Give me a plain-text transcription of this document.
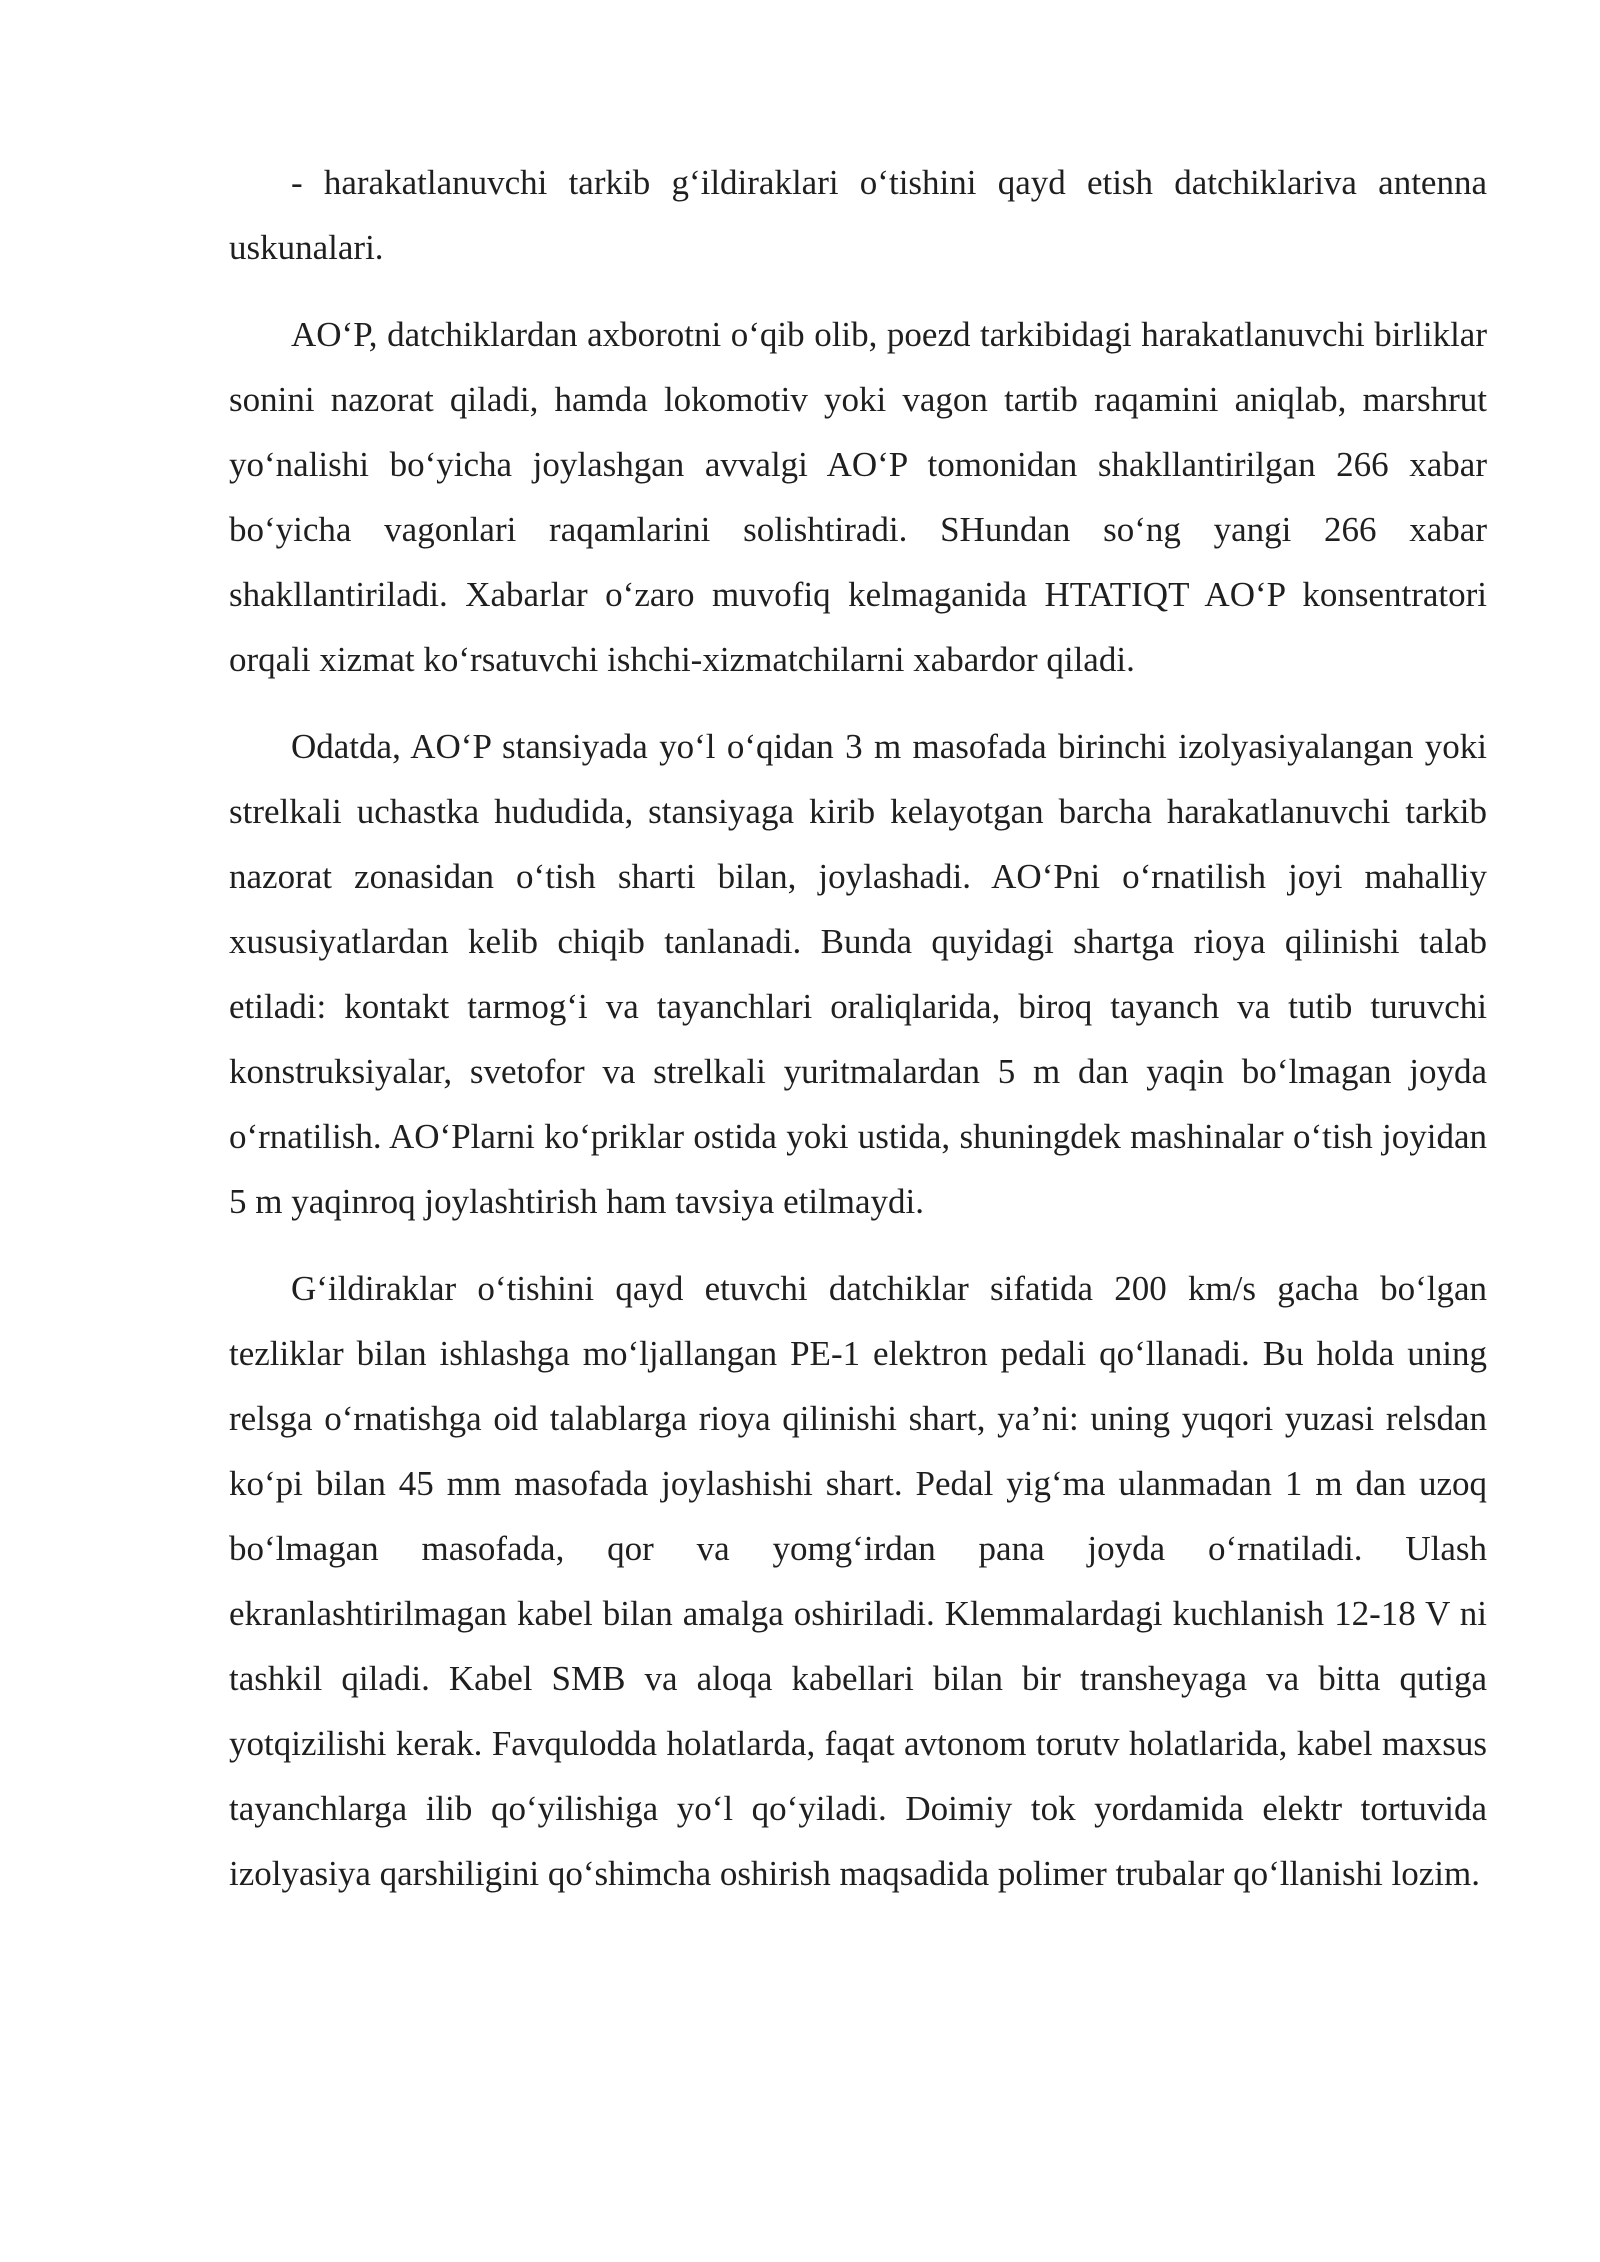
- harakatlanuvchi tarkib g‘ildiraklari o‘tishini qayd etish datchiklariva antenna uskunalari.

AO‘P, datchiklardan axborotni o‘qib olib, poezd tarkibidagi harakatlanuvchi birliklar sonini nazorat qiladi, hamda lokomotiv yoki vagon tartib raqamini aniqlab, marshrut yo‘nalishi bo‘yicha joylashgan avvalgi AO‘P tomonidan shakllantirilgan 266 xabar bo‘yicha vagonlari raqamlarini solishtiradi. SHundan so‘ng yangi 266 xabar shakllantiriladi. Xabarlar o‘zaro muvofiq kelmaganida HTATIQT AO‘P konsentratori orqali xizmat ko‘rsatuvchi ishchi-xizmatchilarni xabardor qiladi.

Odatda, AO‘P stansiyada yo‘l o‘qidan 3 m masofada birinchi izolyasiyalangan yoki strelkali uchastka hududida, stansiyaga kirib kelayotgan barcha harakatlanuvchi tarkib nazorat zonasidan o‘tish sharti bilan, joylashadi. AO‘Pni o‘rnatilish joyi mahalliy xususiyatlardan kelib chiqib tanlanadi. Bunda quyidagi shartga rioya qilinishi talab etiladi: kontakt tarmog‘i va tayanchlari oraliqlarida, biroq tayanch va tutib turuvchi konstruksiyalar, svetofor va strelkali yuritmalardan 5 m dan yaqin bo‘lmagan joyda o‘rnatilish. AO‘Plarni ko‘priklar ostida yoki ustida, shuningdek mashinalar o‘tish joyidan 5 m yaqinroq joylashtirish ham tavsiya etilmaydi.

G‘ildiraklar o‘tishini qayd etuvchi datchiklar sifatida 200 km/s gacha bo‘lgan tezliklar bilan ishlashga mo‘ljallangan PE-1 elektron pedali qo‘llanadi. Bu holda uning relsga o‘rnatishga oid talablarga rioya qilinishi shart, ya’ni: uning yuqori yuzasi relsdan ko‘pi bilan 45 mm masofada joylashishi shart. Pedal yig‘ma ulanmadan 1 m dan uzoq bo‘lmagan masofada, qor va yomg‘irdan pana joyda o‘rnatiladi. Ulash ekranlashtirilmagan kabel bilan amalga oshiriladi. Klemmalardagi kuchlanish 12-18 V ni tashkil qiladi. Kabel SMB va aloqa kabellari bilan bir transheyaga va bitta qutiga yotqizilishi kerak. Favqulodda holatlarda, faqat avtonom torutv holatlarida, kabel maxsus tayanchlarga ilib qo‘yilishiga yo‘l qo‘yiladi. Doimiy tok yordamida elektr tortuvida izolyasiya qarshiligini qo‘shimcha oshirish maqsadida polimer trubalar qo‘llanishi lozim.
